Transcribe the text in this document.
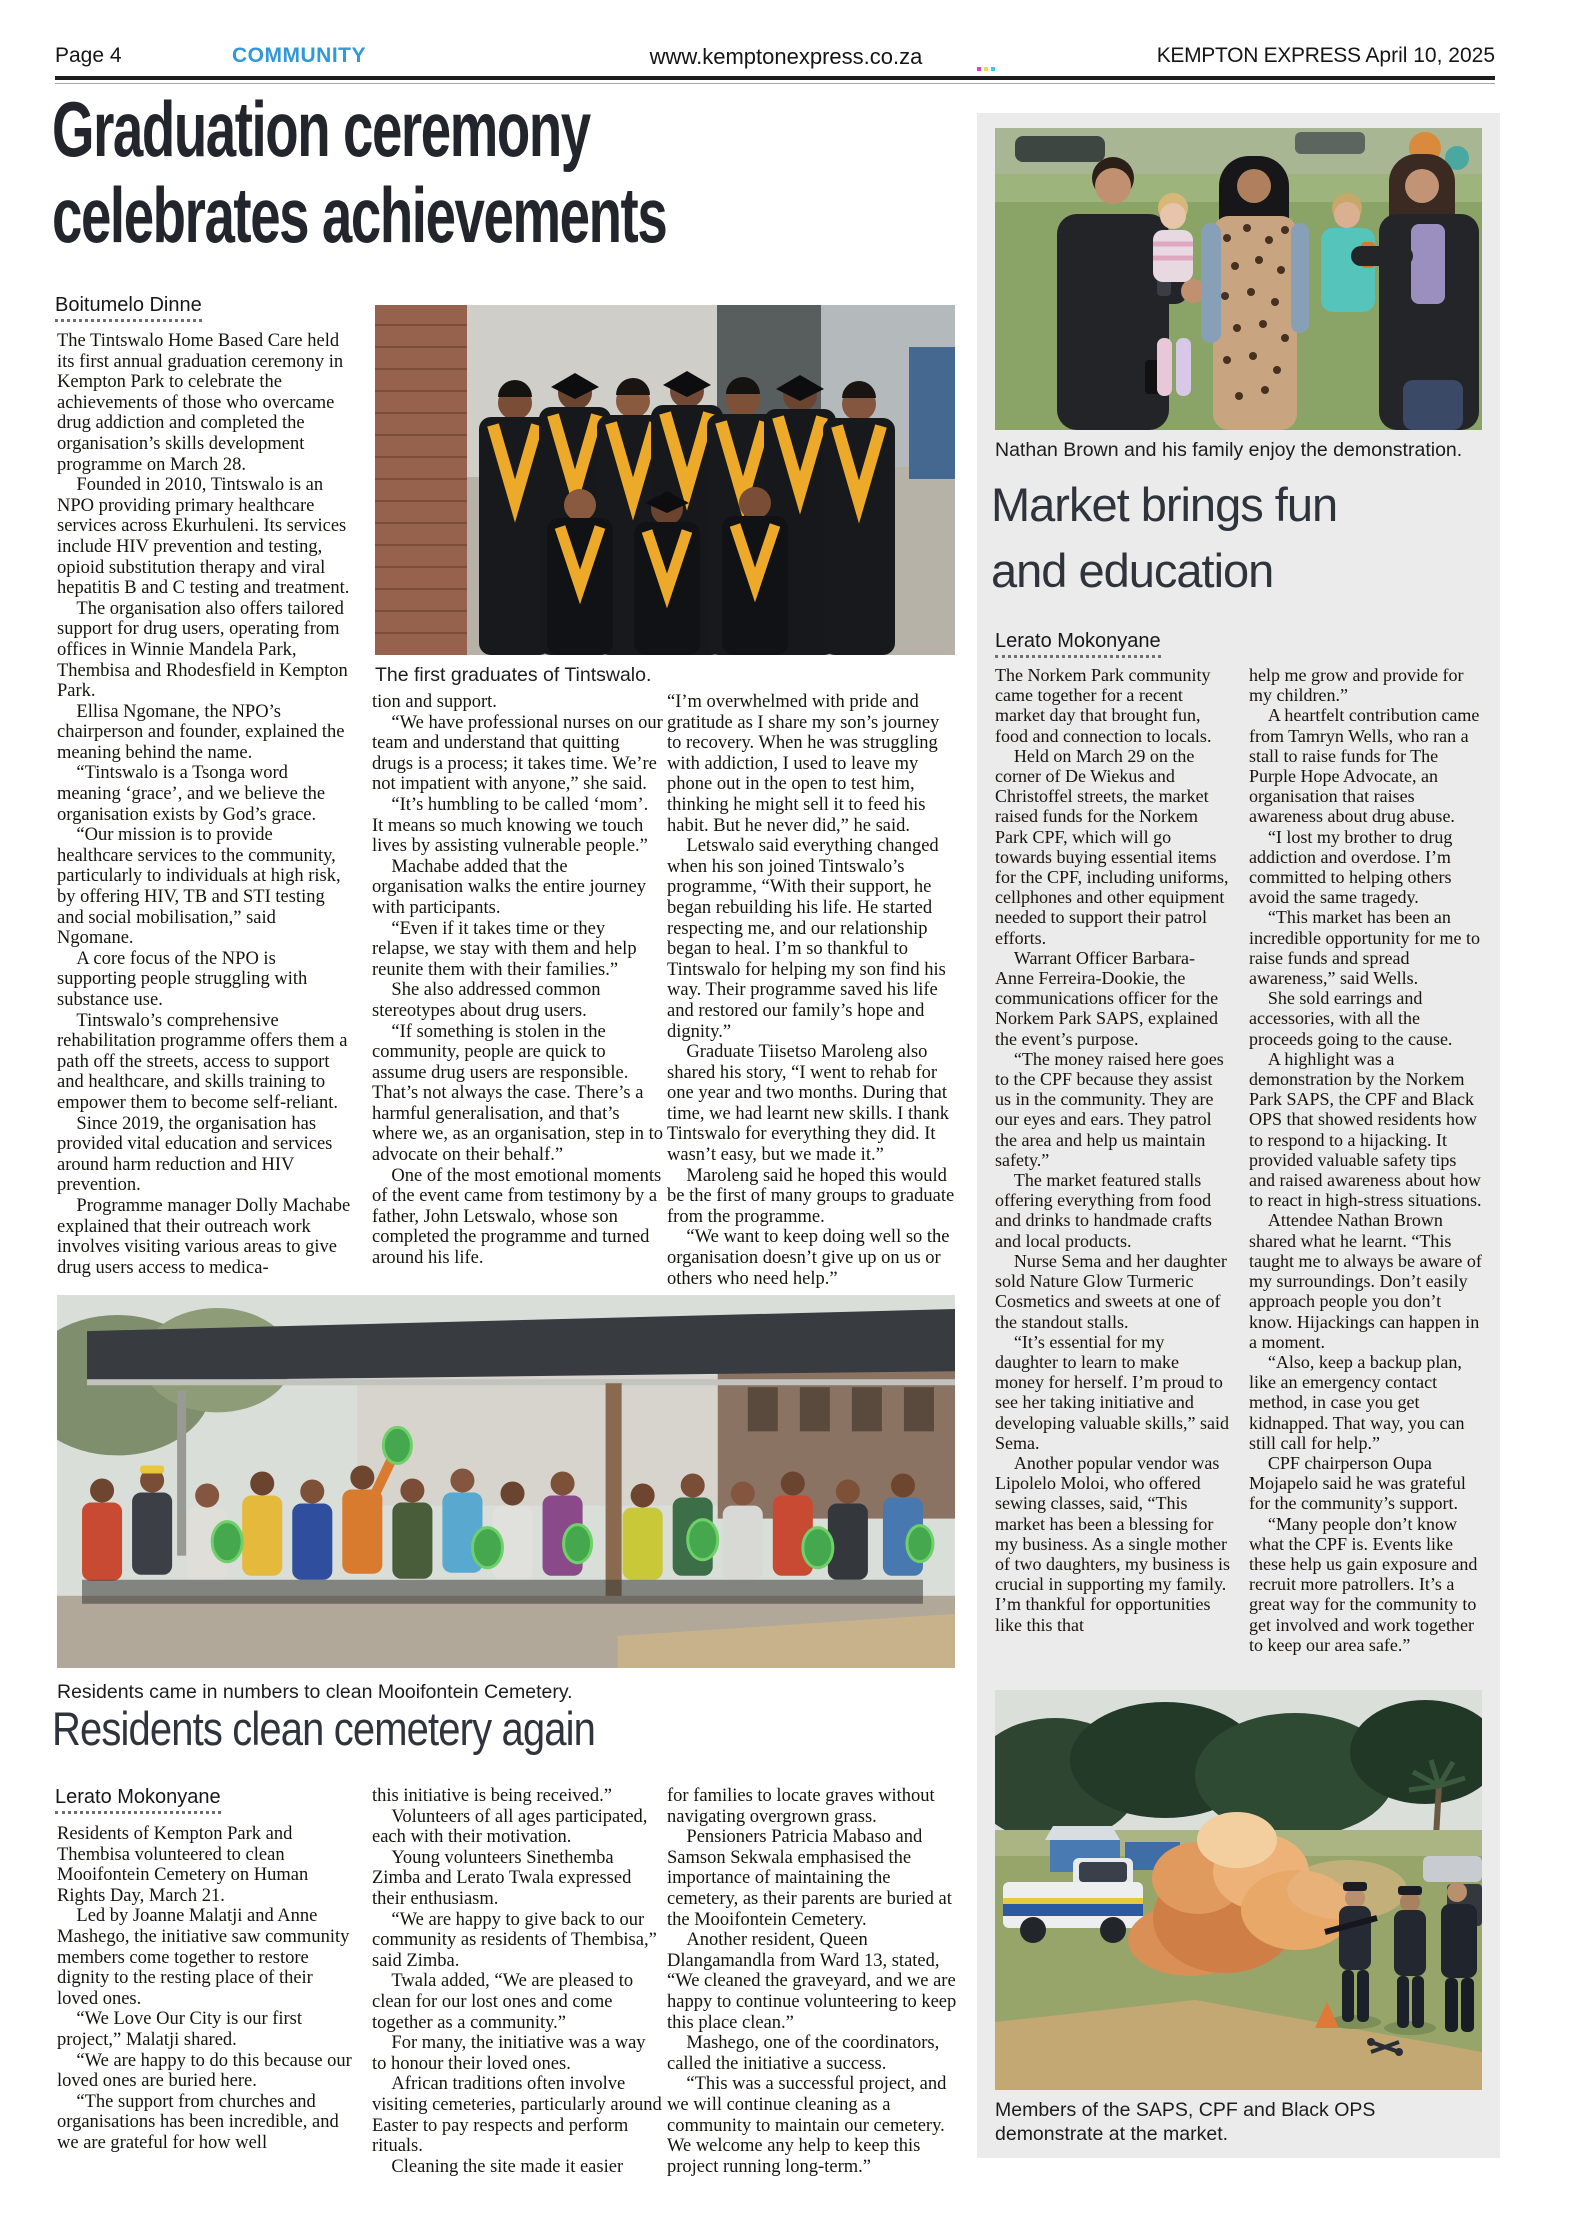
Page 4	COMMUNITY	www.kemptonexpress.co.za	KEMPTON EXPRESS April 10, 2025
Graduation ceremony
celebrates achievements
Boitumelo Dinne
The first graduates of Tintswalo.

The Tintswalo Home Based Care held its first annual graduation ceremony in Kempton Park to celebrate the achievements of those who overcame drug addiction and completed the organisation’s skills development programme on March 28.

Founded in 2010, Tintswalo is an NPO providing primary healthcare services across Ekurhuleni. Its services include HIV prevention and testing, opioid substitution therapy and viral hepatitis B and C testing and treatment.

The organisation also offers tailored support for drug users, operating from offices in Winnie Mandela Park, Thembisa and Rhodesfield in Kempton Park.

Ellisa Ngomane, the NPO’s chairperson and founder, explained the meaning behind the name.

“Tintswalo is a Tsonga word meaning ‘grace’, and we believe the organisation exists by God’s grace.

“Our mission is to provide healthcare services to the community, particularly to individuals at high risk, by offering HIV, TB and STI testing and social mobilisation,” said Ngomane.

A core focus of the NPO is supporting people struggling with substance use.

Tintswalo’s comprehensive rehabilitation programme offers them a path off the streets, access to support and healthcare, and skills training to empower them to become self-reliant.

Since 2019, the organisation has provided vital education and services around harm reduction and HIV prevention.

Programme manager Dolly Machabe explained that their outreach work involves visiting various areas to give drug users access to medica-

tion and support.

“We have professional nurses on our team and understand that quitting drugs is a process; it takes time. We’re not impatient with anyone,” she said.

“It’s humbling to be called ‘mom’. It means so much knowing we touch lives by assisting vulnerable people.”

Machabe added that the organisation walks the entire journey with participants.

“Even if it takes time or they relapse, we stay with them and help reunite them with their families.”

She also addressed common stereotypes about drug users.

“If something is stolen in the community, people are quick to assume drug users are responsible. That’s not always the case. There’s a harmful generalisation, and that’s where we, as an organisation, step in to advocate on their behalf.”

One of the most emotional moments of the event came from testimony by a father, John Letswalo, whose son completed the programme and turned around his life.

“I’m overwhelmed with pride and gratitude as I share my son’s journey to recovery. When he was struggling with addiction, I used to leave my phone out in the open to test him, thinking he might sell it to feed his habit. But he never did,” he said.

Letswalo said everything changed when his son joined Tintswalo’s programme, “With their support, he began rebuilding his life. He started respecting me, and our relationship began to heal. I’m so thankful to Tintswalo for helping my son find his way. Their programme saved his life and restored our family’s hope and dignity.”

Graduate Tiisetso Maroleng also shared his story, “I went to rehab for one year and two months. During that time, we had learnt new skills. I thank Tintswalo for everything they did. It wasn’t easy, but we made it.”

Maroleng said he hoped this would be the first of many groups to graduate from the programme.

“We want to keep doing well so the organisation doesn’t give up on us or others who need help.”

Nathan Brown and his family enjoy the demonstration.
Market brings fun
and education
Lerato Mokonyane

The Norkem Park community came together for a recent market day that brought fun, food and connection to locals.

Held on March 29 on the corner of De Wiekus and Christoffel streets, the market raised funds for the Norkem Park CPF, which will go towards buying essential items for the CPF, including uniforms, cellphones and other equipment needed to support their patrol efforts.

Warrant Officer Barbara-Anne Ferreira-Dookie, the communications officer for the Norkem Park SAPS, explained the event’s purpose.

“The money raised here goes to the CPF because they assist us in the community. They are our eyes and ears. They patrol the area and help us maintain safety.”

The market featured stalls offering everything from food and drinks to handmade crafts and local products.

Nurse Sema and her daughter sold Nature Glow Turmeric Cosmetics and sweets at one of the standout stalls.

“It’s essential for my daughter to learn to make money for herself. I’m proud to see her taking initiative and developing valuable skills,” said Sema.

Another popular vendor was Lipolelo Moloi, who offered sewing classes, said, “This market has been a blessing for my business. As a single mother of two daughters, my business is crucial in supporting my family. I’m thankful for opportunities like this that

help me grow and provide for my children.”

A heartfelt contribution came from Tamryn Wells, who ran a stall to raise funds for The Purple Hope Advocate, an organisation that raises awareness about drug abuse.

“I lost my brother to drug addiction and overdose. I’m committed to helping others avoid the same tragedy.

“This market has been an incredible opportunity for me to raise funds and spread awareness,” said Wells.

She sold earrings and accessories, with all the proceeds going to the cause.

A highlight was a demonstration by the Norkem Park SAPS, the CPF and Black OPS that showed residents how to respond to a hijacking. It provided valuable safety tips and raised awareness about how to react in high-stress situations.

Attendee Nathan Brown shared what he learnt. “This taught me to always be aware of my surroundings. Don’t easily approach people you don’t know. Hijackings can happen in a moment.

“Also, keep a backup plan, like an emergency contact method, in case you get kidnapped. That way, you can still call for help.”

CPF chairperson Oupa Mojapelo said he was grateful for the community’s support.

“Many people don’t know what the CPF is. Events like these help us gain exposure and recruit more patrollers. It’s a great way for the community to get involved and work together to keep our area safe.”

Members of the SAPS, CPF and Black OPS demonstrate at the market.
Residents came in numbers to clean Mooifontein Cemetery.
Residents clean cemetery again
Lerato Mokonyane

Residents of Kempton Park and Thembisa volunteered to clean Mooifontein Cemetery on Human Rights Day, March 21.

Led by Joanne Malatji and Anne Mashego, the initiative saw community members come together to restore dignity to the resting place of their loved ones.

“We Love Our City is our first project,” Malatji shared.

“We are happy to do this because our loved ones are buried here.

“The support from churches and organisations has been incredible, and we are grateful for how well

this initiative is being received.”

Volunteers of all ages participated, each with their motivation.

Young volunteers Sinethemba Zimba and Lerato Twala expressed their enthusiasm.

“We are happy to give back to our community as residents of Thembisa,” said Zimba.

Twala added, “We are pleased to clean for our lost ones and come together as a community.”

For many, the initiative was a way to honour their loved ones.

African traditions often involve visiting cemeteries, particularly around Easter to pay respects and perform rituals.

Cleaning the site made it easier

for families to locate graves without navigating overgrown grass.

Pensioners Patricia Mabaso and Samson Sekwala emphasised the importance of maintaining the cemetery, as their parents are buried at the Mooifontein Cemetery.

Another resident, Queen Dlangamandla from Ward 13, stated, “We cleaned the graveyard, and we are happy to continue volunteering to keep this place clean.”

Mashego, one of the coordinators, called the initiative a success.

“This was a successful project, and we will continue cleaning as a community to maintain our cemetery. We welcome any help to keep this project running long-term.”
